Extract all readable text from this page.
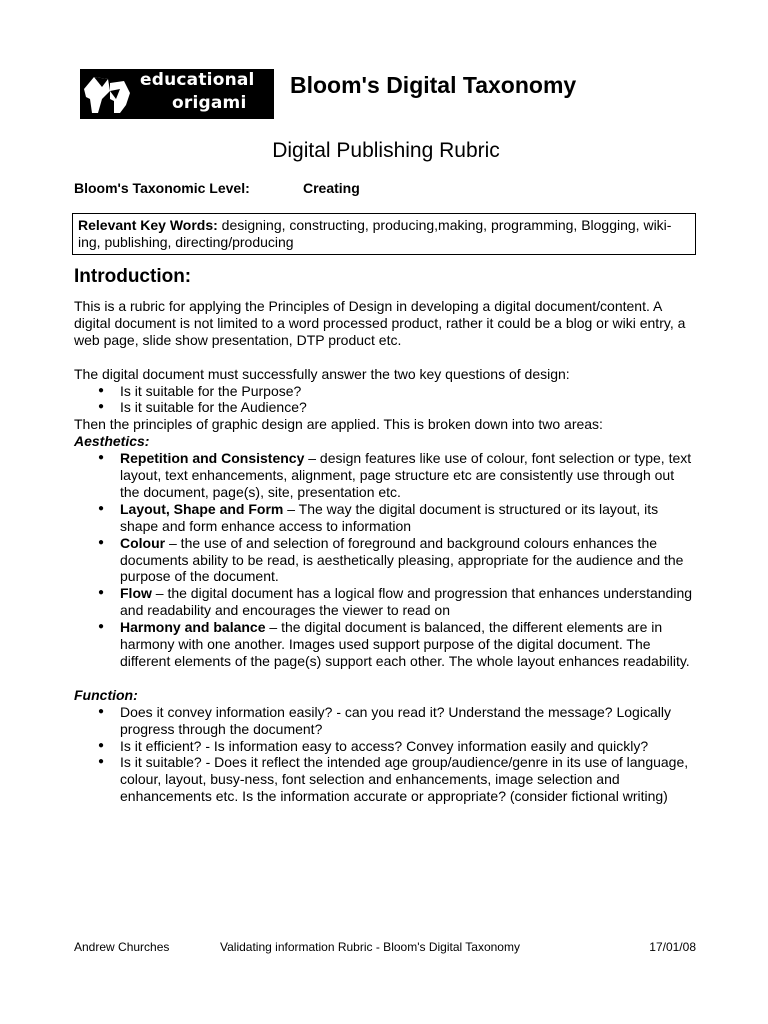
educational
origami
Bloom's Digital Taxonomy
Digital Publishing Rubric
Bloom's Taxonomic Level:	Creating
Relevant Key Words: designing, constructing, producing,making, programming, Blogging, wiki-ing, publishing, directing/producing
Introduction:

This is a rubric for applying the Principles of Design in developing a digital document/content. A digital document is not limited to a word processed product, rather it could be a blog or wiki entry, a web page, slide show presentation, DTP product etc.

The digital document must successfully answer the two key questions of design:

● Is it suitable for the Purpose?
● Is it suitable for the Audience?

Then the principles of graphic design are applied. This is broken down into two areas:

Aesthetics:

● Repetition and Consistency – design features like use of colour, font selection or type, text layout, text enhancements, alignment, page structure etc are consistently use through out the document, page(s), site, presentation etc.
● Layout, Shape and Form – The way the digital document is structured or its layout, its shape and form enhance access to information
● Colour – the use of and selection of foreground and background colours enhances the documents ability to be read, is aesthetically pleasing, appropriate for the audience and the purpose of the document.
● Flow – the digital document has a logical flow and progression that enhances understanding and readability and encourages the viewer to read on
● Harmony and balance – the digital document is balanced, the different elements are in harmony with one another. Images used support purpose of the digital document. The different elements of the page(s) support each other. The whole layout enhances readability.

Function:

● Does it convey information easily? - can you read it? Understand the message? Logically progress through the document?
● Is it efficient? - Is information easy to access? Convey information easily and quickly?
● Is it suitable? - Does it reflect the intended age group/audience/genre in its use of language, colour, layout, busy-ness, font selection and enhancements, image selection and enhancements etc. Is the information accurate or appropriate? (consider fictional writing)
Andrew Churches	Validating information Rubric - Bloom's Digital Taxonomy	17/01/08
